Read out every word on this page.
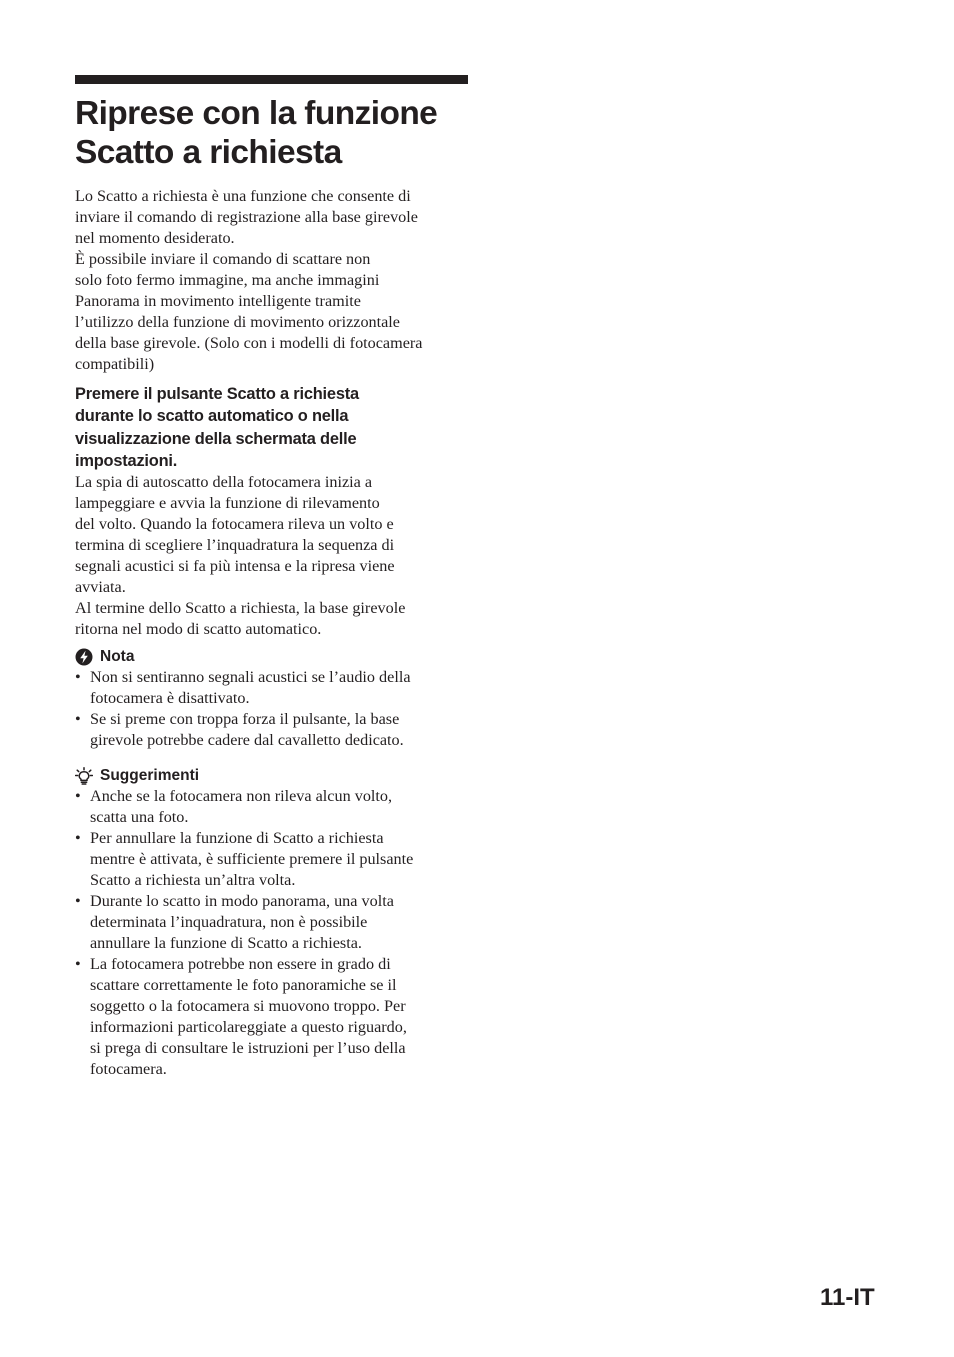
Riprese con la funzione
Scatto a richiesta
Lo Scatto a richiesta è una funzione che consente di
inviare il comando di registrazione alla base girevole
nel momento desiderato.
È possibile inviare il comando di scattare non
solo foto fermo immagine, ma anche immagini
Panorama in movimento intelligente tramite
l’utilizzo della funzione di movimento orizzontale
della base girevole. (Solo con i modelli di fotocamera
compatibili)
Premere il pulsante Scatto a richiesta
durante lo scatto automatico o nella
visualizzazione della schermata delle
impostazioni.
La spia di autoscatto della fotocamera inizia a
lampeggiare e avvia la funzione di rilevamento
del volto. Quando la fotocamera rileva un volto e
termina di scegliere l’inquadratura la sequenza di
segnali acustici si fa più intensa e la ripresa viene
avviata.
Al termine dello Scatto a richiesta, la base girevole
ritorna nel modo di scatto automatico.
Nota
• Non si sentiranno segnali acustici se l’audio della
fotocamera è disattivato.
• Se si preme con troppa forza il pulsante, la base
girevole potrebbe cadere dal cavalletto dedicato.
Suggerimenti
• Anche se la fotocamera non rileva alcun volto,
scatta una foto.
• Per annullare la funzione di Scatto a richiesta
mentre è attivata, è sufficiente premere il pulsante
Scatto a richiesta un’altra volta.
• Durante lo scatto in modo panorama, una volta
determinata l’inquadratura, non è possibile
annullare la funzione di Scatto a richiesta.
• La fotocamera potrebbe non essere in grado di
scattare correttamente le foto panoramiche se il
soggetto o la fotocamera si muovono troppo. Per
informazioni particolareggiate a questo riguardo,
si prega di consultare le istruzioni per l’uso della
fotocamera.
11-IT
